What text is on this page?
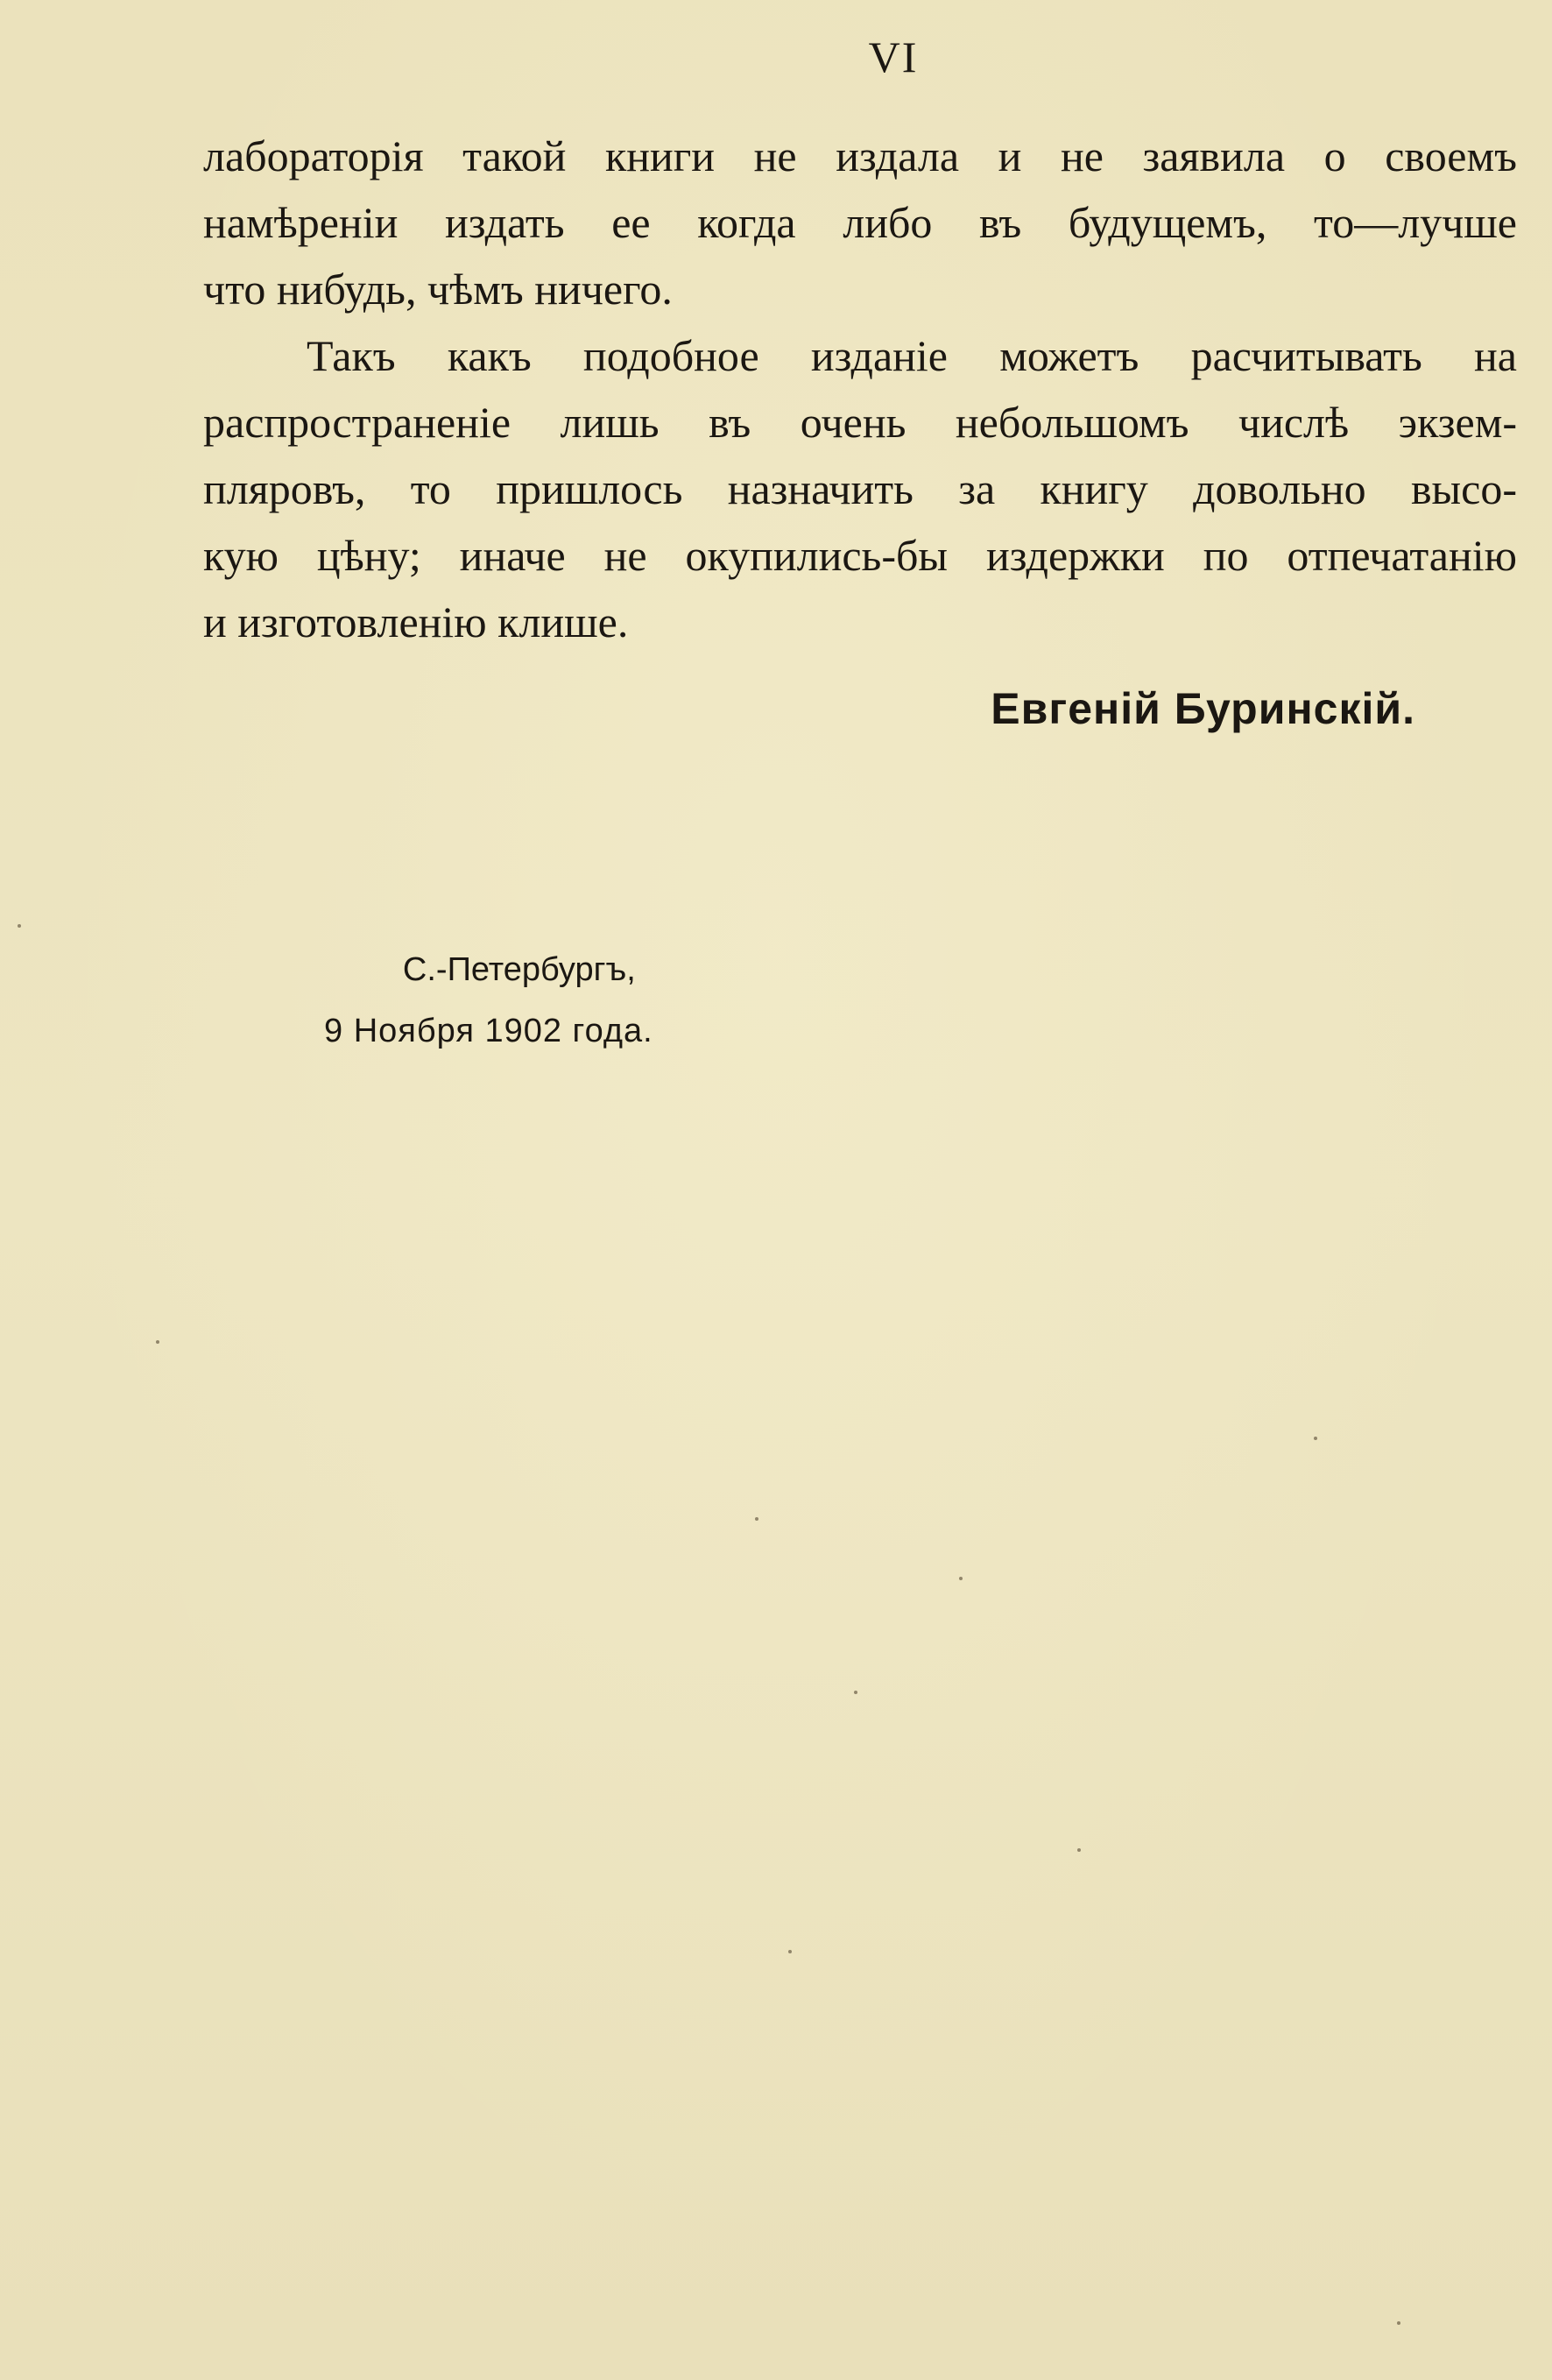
VI
лабораторія такой книги не издала и не заявила о своемъ
намѣреніи издать ее когда либо въ будущемъ, то—лучше
что нибудь, чѣмъ ничего.
Такъ какъ подобное изданіе можетъ расчитывать на
распространеніе лишь въ очень небольшомъ числѣ экзем-
пляровъ, то пришлось назначить за книгу довольно высо-
кую цѣну; иначе не окупились-бы издержки по отпечатанію
и изготовленію клише.
Евгеній Буринскій.
С.-Петербургъ,
9 Ноября 1902 года.
